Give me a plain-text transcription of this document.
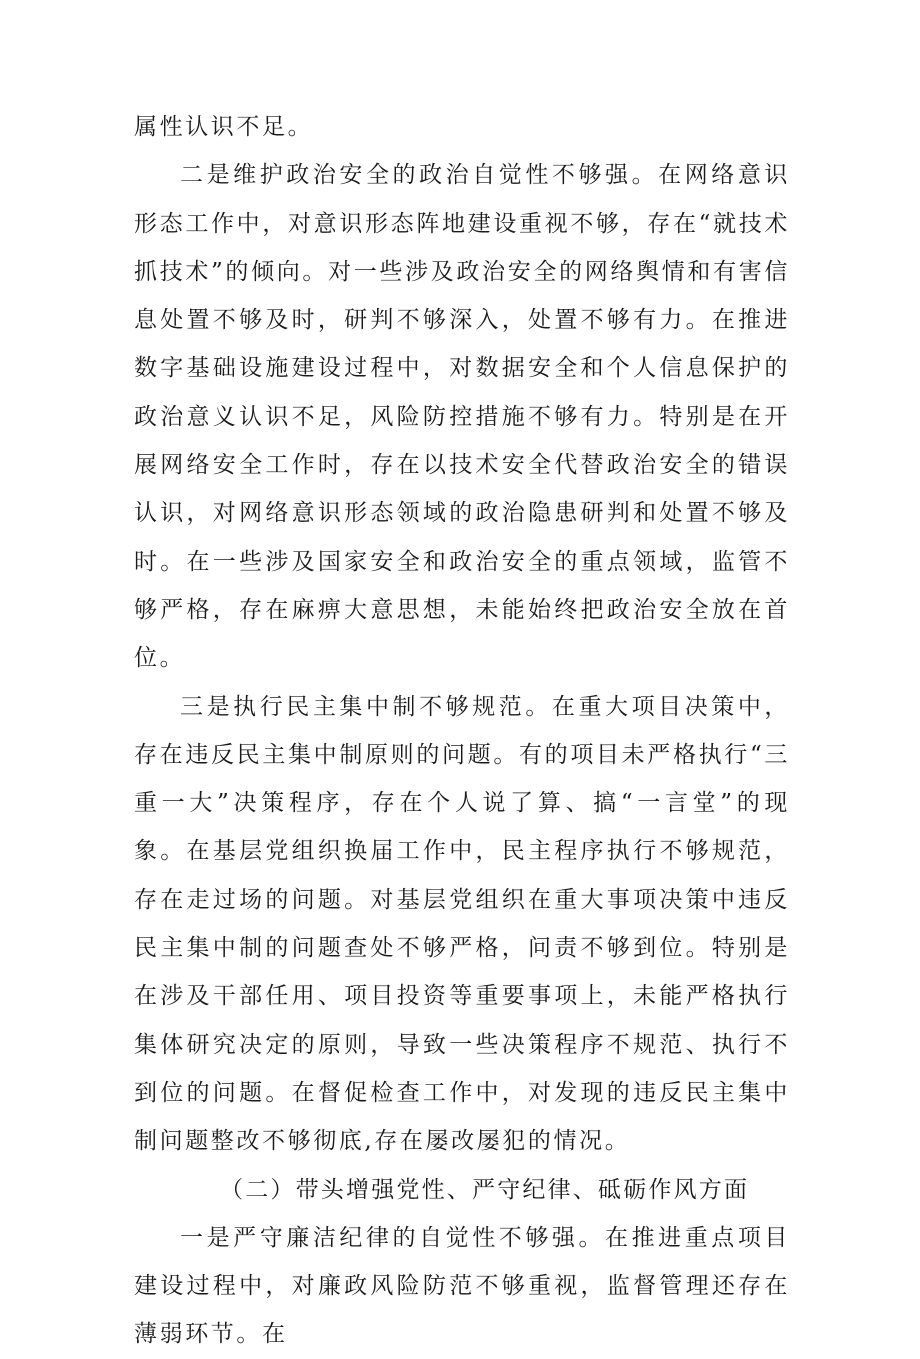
属性认识不足。

二是维护政治安全的政治自觉性不够强。在网络意识形态工作中，对意识形态阵地建设重视不够，存在“就技术抓技术”的倾向。对一些涉及政治安全的网络舆情和有害信息处置不够及时，研判不够深入，处置不够有力。在推进数字基础设施建设过程中，对数据安全和个人信息保护的政治意义认识不足，风险防控措施不够有力。特别是在开展网络安全工作时，存在以技术安全代替政治安全的错误认识，对网络意识形态领域的政治隐患研判和处置不够及时。在一些涉及国家安全和政治安全的重点领域，监管不够严格，存在麻痹大意思想，未能始终把政治安全放在首位。

三是执行民主集中制不够规范。在重大项目决策中，存在违反民主集中制原则的问题。有的项目未严格执行“三重一大”决策程序，存在个人说了算、搞“一言堂”的现象。在基层党组织换届工作中，民主程序执行不够规范，存在走过场的问题。对基层党组织在重大事项决策中违反民主集中制的问题查处不够严格，问责不够到位。特别是在涉及干部任用、项目投资等重要事项上，未能严格执行集体研究决定的原则，导致一些决策程序不规范、执行不到位的问题。在督促检查工作中，对发现的违反民主集中制问题整改不够彻底,存在屡改屡犯的情况。

（二）带头增强党性、严守纪律、砥砺作风方面

一是严守廉洁纪律的自觉性不够强。在推进重点项目建设过程中，对廉政风险防范不够重视，监督管理还存在薄弱环节。在
